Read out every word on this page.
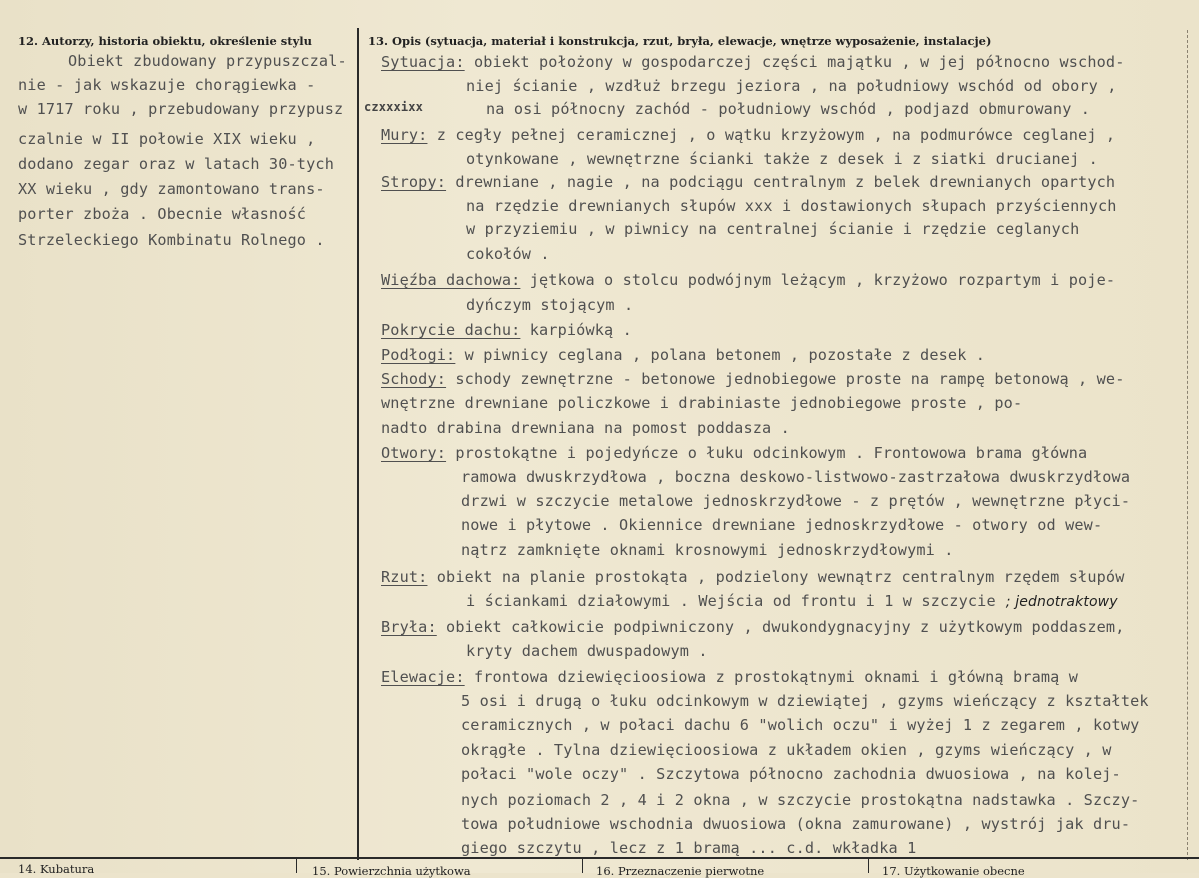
12. Autorzy, historia obiektu, określenie stylu
Obiekt zbudowany przypuszczal-
nie - jak wskazuje chorągiewka -
w 1717 roku , przebudowany przypusz
czalnie w II połowie XIX wieku ,
dodano zegar oraz w latach 30-tych
XX wieku , gdy zamontowano trans-
porter zboża . Obecnie własność
Strzeleckiego Kombinatu Rolnego .
czxxxixx
13. Opis (sytuacja, materiał i konstrukcja, rzut, bryła, elewacje, wnętrze wyposażenie, instalacje)
Sytuacja: obiekt położony w gospodarczej części majątku , w jej północno wschod-
niej ścianie , wzdłuż brzegu jeziora , na południowy wschód od obory ,
na osi północny zachód - południowy wschód , podjazd obmurowany .
Mury: z cegły pełnej ceramicznej , o wątku krzyżowym , na podmurówce ceglanej ,
otynkowane , wewnętrzne ścianki także z desek i z siatki drucianej .
Stropy: drewniane , nagie , na podciągu centralnym z belek drewnianych opartych
na rzędzie drewnianych słupów xxx i dostawionych słupach przyściennych
w przyziemiu , w piwnicy na centralnej ścianie i rzędzie ceglanych
cokołów .
Więźba dachowa: jętkowa o stolcu podwójnym leżącym , krzyżowo rozpartym i poje-
dyńczym stojącym .
Pokrycie dachu: karpiówką .
Podłogi: w piwnicy ceglana , polana betonem , pozostałe z desek .
Schody: schody zewnętrzne - betonowe jednobiegowe proste na rampę betonową , we-
wnętrzne drewniane policzkowe i drabiniaste jednobiegowe proste , po-
nadto drabina drewniana na pomost poddasza .
Otwory: prostokątne i pojedyńcze o łuku odcinkowym . Frontowowa brama główna
ramowa dwuskrzydłowa , boczna deskowo-listwowo-zastrzałowa dwuskrzydłowa
drzwi w szczycie metalowe jednoskrzydłowe - z prętów , wewnętrzne płyci-
nowe i płytowe . Okiennice drewniane jednoskrzydłowe - otwory od wew-
nątrz zamknięte oknami krosnowymi jednoskrzydłowymi .
Rzut: obiekt na planie prostokąta , podzielony wewnątrz centralnym rzędem słupów
i ściankami działowymi . Wejścia od frontu i 1 w szczycie ; jednotraktowy
Bryła: obiekt całkowicie podpiwniczony , dwukondygnacyjny z użytkowym poddaszem,
kryty dachem dwuspadowym .
Elewacje: frontowa dziewięcioosiowa z prostokątnymi oknami i główną bramą w
5 osi i drugą o łuku odcinkowym w dziewiątej , gzyms wieńczący z kształtek
ceramicznych , w połaci dachu 6 "wolich oczu" i wyżej 1 z zegarem , kotwy
okrągłe . Tylna dziewięcioosiowa z układem okien , gzyms wieńczący , w
połaci "wole oczy" . Szczytowa północno zachodnia dwuosiowa , na kolej-
nych poziomach 2 , 4 i 2 okna , w szczycie prostokątna nadstawka . Szczy-
towa południowe wschodnia dwuosiowa (okna zamurowane) , wystrój jak dru-
giego szczytu , lecz z 1 bramą ... c.d. wkładka 1
14. Kubatura	15. Powierzchnia użytkowa	16. Przeznaczenie pierwotne	17. Użytkowanie obecne
